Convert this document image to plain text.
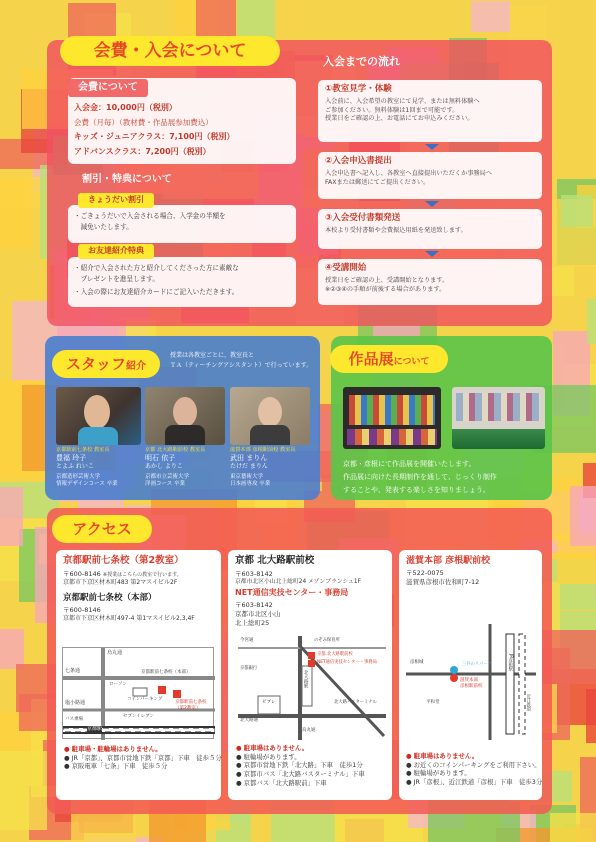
会費・入会について
会費について
入会金：10,000円（税別）
会費（月毎）（教材費・作品展参加費込）
キッズ・ジュニアクラス：7,100円（税別）
アドバンスクラス：7,200円（税別）
割引・特典について
きょうだい割引
・ごきょうだいで入会される場合、入学金の半額を
　減免いたします。
お友達紹介特典
・紹介で入会された方と紹介してくださった方に素敵な
　プレゼントを進呈します。
・入会の際にお友達紹介カードにご記入いただきます。
入会までの流れ
①教室見学・体験
入会前に、入会希望の教室にて見学、または無料体験へ
ご参加ください。無料体験は1回まで可能です。
授業日をご確認の上、お電話にてお申込みください。
②入会申込書提出
入会申込書へ記入し、各教室へ直接提出いただくか事務局へ
FAXまたは郵送にてご提出ください。
③入会受付書類発送
本校より受付書類や会費振込用紙を発送致します。
④受講開始
授業日をご確認の上、受講開始となります。
※②③④の手順が前後する場合があります。
スタッフ紹介
授業は各教室ごとに、教室長と
ＴＡ（ティーチングアシスタント）で行っています。
京都駅前七条校 教室長
豊福 玲子
とよふ れいこ
京都造形芸術大学
情報デザインコース 卒業
京都 北大路駅前校 教室長
明石 依子
あかし よりこ
京都市立芸術大学
洋画コース 卒業
滋賀本部 彦根駅前校 教室長
武田 まりん
たけだ まりん
東京藝術大学
日本画専攻 卒業
作品展について
京都・彦根にて作品展を開催いたします。
作品展に向けた長期制作を通して、じっくり制作
することや、発表する楽しさを知りましょう。
アクセス
京都駅前七条校（第2教室）
〒600-8146 ※授業はこちらの教室で行います。
京都市下京区材木町483 第2マスイビル2F
京都駅前七条校（本部）
〒600-8146
京都市下京区材木町497-4 第1マスイビル2,3,4F
烏丸通
七条通
塩小路通
京都駅
ローソン
コインパーキング
京都駅前七条校（本部）
京都駅前七条校（第2教室）
セブンイレブン
バス乗場
● 駐車場・駐輪場はありません。
● JR「京都」、京都市営地下鉄「京都」下車　徒歩５分
● 京阪電車「七条」下車　徒歩５分
京都 北大路駅前校
〒603-8142
京都市北区小山北上総町24 メゾンブランシュ1F
NET通信実技センター・事務局
〒603-8142
京都市北区小山
北上総町25
北大路通
烏丸通
北大路駅
ビブレ
京都 北大路駅前校
NET通信実技センター・事務局
北大路バスターミナル
今宮通	のぞみ保育所
京都銀行
● 駐車場はありません。
● 駐輪場があります。
● 京都市営地下鉄「北大路」下車　徒歩1分
● 京都市バス「北大路バスターミナル」下車
● 京都バス「北大路駅前」下車
滋賀本部 彦根駅前校
〒522-0075
滋賀県彦根市佐和町7-12
滋賀本部
彦根駅前校
JR彦根駅
近江鉄道
三井のリパーク
彦根城
平和堂
● 駐車場はありません。
● お近くのコインパーキングをご利用下さい。
● 駐輪場があります。
● JR「彦根」、近江鉄道「彦根」下車　徒歩3分
